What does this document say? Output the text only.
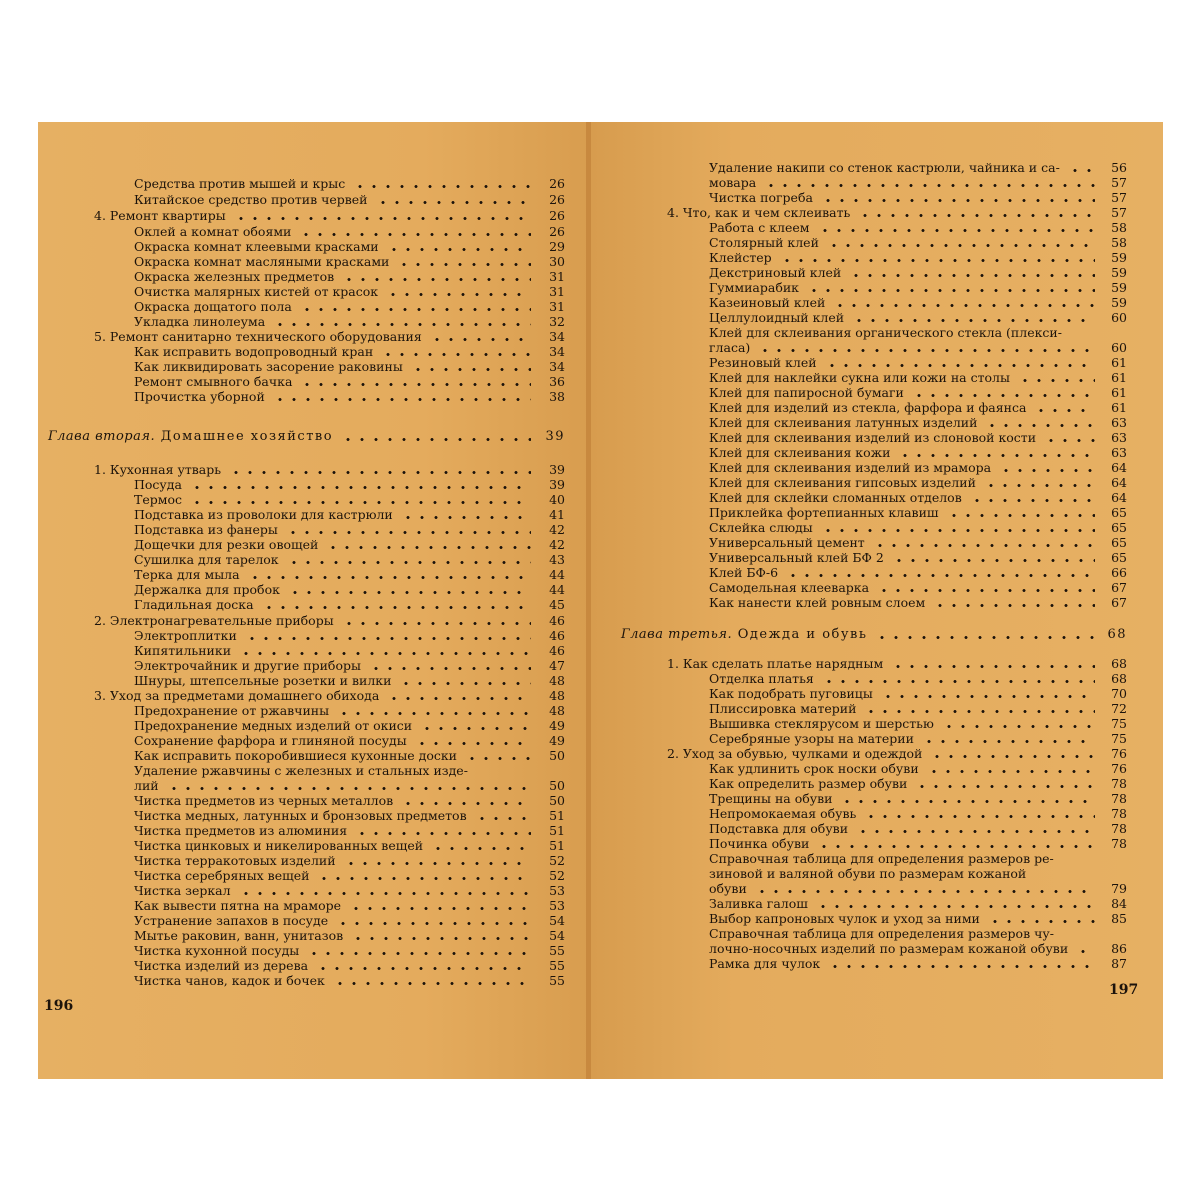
Средства против мышей и крыс	26
Китайское средство против червей	26
4. Ремонт квартиры	26
Оклей а комнат обоями	26
Окраска комнат клеевыми красками	29
Окраска комнат масляными красками	30
Окраска железных предметов	31
Очистка малярных кистей от красок	31
Окраска дощатого пола	31
Укладка линолеума	32
5. Ремонт санитарно технического оборудования	34
Как исправить водопроводный кран	34
Как ликвидировать засорение раковины	34
Ремонт смывного бачка	36
Прочистка уборной	38
Глава вторая. Домашнее хозяйство	39
1. Кухонная утварь	39
Посуда	39
Термос	40
Подставка из проволоки для кастрюли	41
Подставка из фанеры	42
Дощечки для резки овощей	42
Сушилка для тарелок	43
Терка для мыла	44
Держалка для пробок	44
Гладильная доска	45
2. Электронагревательные приборы	46
Электроплитки	46
Кипятильники	46
Электрочайник и другие приборы	47
Шнуры, штепсельные розетки и вилки	48
3. Уход за предметами домашнего обихода	48
Предохранение от ржавчины	48
Предохранение медных изделий от окиси	49
Сохранение фарфора и глиняной посуды	49
Как исправить покоробившиеся кухонные доски	50
Удаление ржавчины с железных и стальных изде-
лий	50
Чистка предметов из черных металлов	50
Чистка медных, латунных и бронзовых предметов	51
Чистка предметов из алюминия	51
Чистка цинковых и никелированных вещей	51
Чистка терракотовых изделий	52
Чистка серебряных вещей	52
Чистка зеркал	53
Как вывести пятна на мраморе	53
Устранение запахов в посуде	54
Мытье раковин, ванн, унитазов	54
Чистка кухонной посуды	55
Чистка изделий из дерева	55
Чистка чанов, кадок и бочек	55
196
Удаление накипи со стенок кастрюли, чайника и са-	56
мовара	57
Чистка погреба	57
4. Что, как и чем склеивать	57
Работа с клеем	58
Столярный клей	58
Клейстер	59
Декстриновый клей	59
Гуммиарабик	59
Казеиновый клей	59
Целлулоидный клей	60
Клей для склеивания органического стекла (плекси-
гласа)	60
Резиновый клей	61
Клей для наклейки сукна или кожи на столы	61
Клей для папиросной бумаги	61
Клей для изделий из стекла, фарфора и фаянса	61
Клей для склеивания латунных изделий	63
Клей для склеивания изделий из слоновой кости	63
Клей для склеивания кожи	63
Клей для склеивания изделий из мрамора	64
Клей для склеивания гипсовых изделий	64
Клей для склейки сломанных отделов	64
Приклейка фортепианных клавиш	65
Склейка слюды	65
Универсальный цемент	65
Универсальный клей БФ 2	65
Клей БФ-6	66
Самодельная клееварка	67
Как нанести клей ровным слоем	67
Глава третья. Одежда и обувь	68
1. Как сделать платье нарядным	68
Отделка платья	68
Как подобрать пуговицы	70
Плиссировка материй	72
Вышивка стеклярусом и шерстью	75
Серебряные узоры на материи	75
2. Уход за обувью, чулками и одеждой	76
Как удлинить срок носки обуви	76
Как определить размер обуви	78
Трещины на обуви	78
Непромокаемая обувь	78
Подставка для обуви	78
Починка обуви	78
Справочная таблица для определения размеров ре-
зиновой и валяной обуви по размерам кожаной
обуви	79
Заливка галош	84
Выбор капроновых чулок и уход за ними	85
Справочная таблица для определения размеров чу-
лочно-носочных изделий по размерам кожаной обуви	86
Рамка для чулок	87
197
